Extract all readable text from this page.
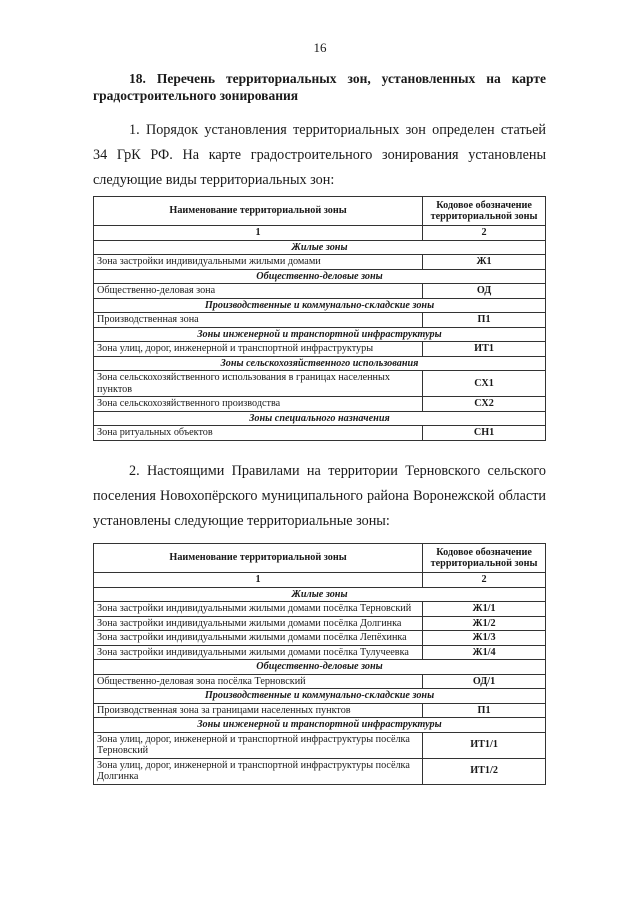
16
18. Перечень территориальных зон, установленных на карте градостроительного зонирования
1. Порядок установления территориальных зон определен статьей 34 ГрК РФ. На карте градостроительного зонирования установлены следующие виды территориальных зон:
Наименование территориальной зоны	Кодовое обозначение территориальной зоны
1	2
Жилые зоны	
Зона застройки индивидуальными жилыми домами	Ж1
Общественно-деловые зоны	
Общественно-деловая зона	ОД
Производственные и коммунально-складские зоны	
Производственная зона	П1
Зоны инженерной и транспортной инфраструктуры	
Зона улиц, дорог, инженерной и транспортной инфраструктуры	ИТ1
Зоны сельскохозяйственного использования	
Зона сельскохозяйственного использования в границах населенных пунктов	СХ1
Зона сельскохозяйственного производства	СХ2
Зоны специального назначения	
Зона ритуальных объектов	СН1
2. Настоящими Правилами на территории Терновского сельского поселения Новохопёрского муниципального района Воронежской области установлены следующие территориальные зоны:
Наименование территориальной зоны	Кодовое обозначение территориальной зоны
1	2
Жилые зоны	
Зона застройки индивидуальными жилыми домами посёлка Терновский	Ж1/1
Зона застройки индивидуальными жилыми домами посёлка Долгинка	Ж1/2
Зона застройки индивидуальными жилыми домами посёлка Лепёхинка	Ж1/3
Зона застройки индивидуальными жилыми домами посёлка Тулучеевка	Ж1/4
Общественно-деловые зоны	
Общественно-деловая зона посёлка Терновский	ОД/1
Производственные и коммунально-складские зоны	
Производственная зона за границами населенных пунктов	П1
Зоны инженерной и транспортной инфраструктуры	
Зона улиц, дорог, инженерной и транспортной инфраструктуры посёлка Терновский	ИТ1/1
Зона улиц, дорог, инженерной и транспортной инфраструктуры посёлка Долгинка	ИТ1/2
